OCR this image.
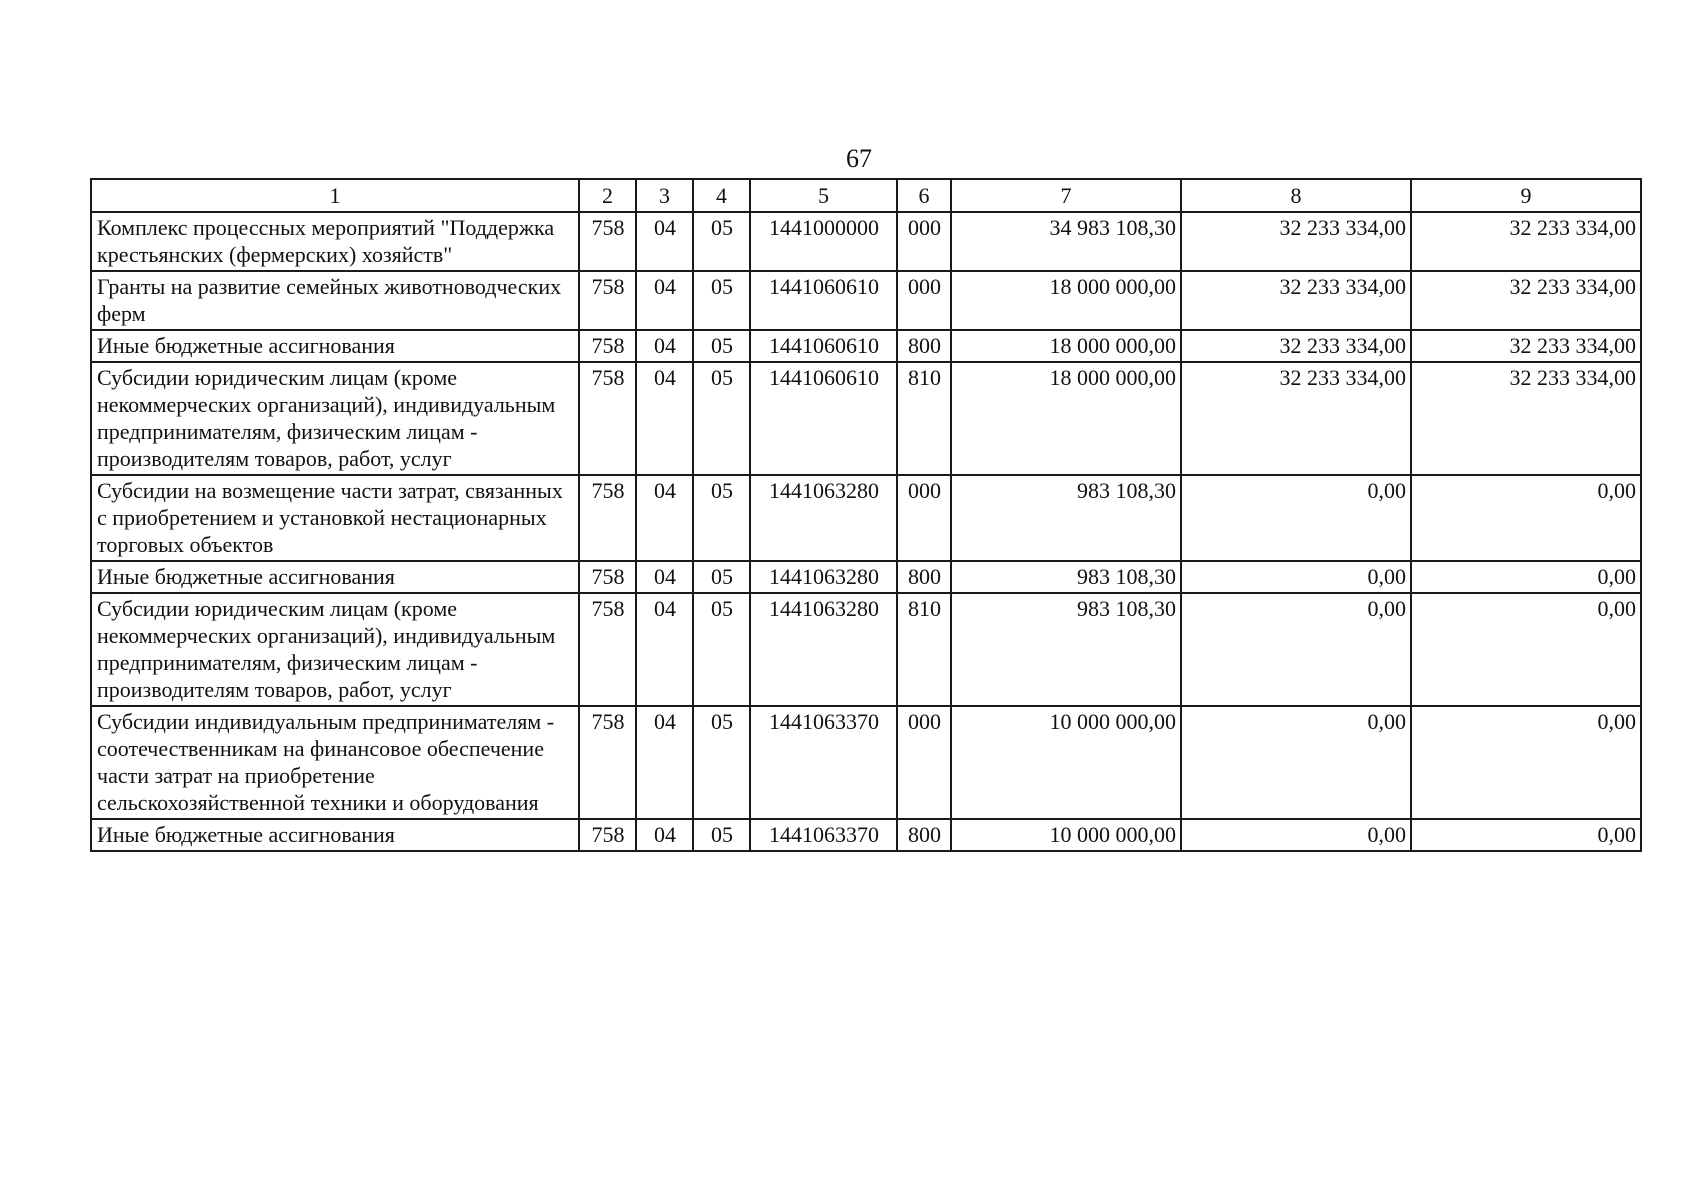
67
1	2	3	4	5	6	7	8	9
Комплекс процессных мероприятий "Поддержка крестьянских (фермерских) хозяйств"	758	04	05	1441000000	000	34 983 108,30	32 233 334,00	32 233 334,00
Гранты на развитие семейных животноводческих ферм	758	04	05	1441060610	000	18 000 000,00	32 233 334,00	32 233 334,00
Иные бюджетные ассигнования	758	04	05	1441060610	800	18 000 000,00	32 233 334,00	32 233 334,00
Субсидии юридическим лицам (кроме некоммерческих организаций), индивидуальным предпринимателям, физическим лицам - производителям товаров, работ, услуг	758	04	05	1441060610	810	18 000 000,00	32 233 334,00	32 233 334,00
Субсидии на возмещение части затрат, связанных с приобретением и установкой нестационарных торговых объектов	758	04	05	1441063280	000	983 108,30	0,00	0,00
Иные бюджетные ассигнования	758	04	05	1441063280	800	983 108,30	0,00	0,00
Субсидии юридическим лицам (кроме некоммерческих организаций), индивидуальным предпринимателям, физическим лицам - производителям товаров, работ, услуг	758	04	05	1441063280	810	983 108,30	0,00	0,00
Субсидии индивидуальным предпринимателям - соотечественникам на финансовое обеспечение части затрат на приобретение сельскохозяйственной техники и оборудования	758	04	05	1441063370	000	10 000 000,00	0,00	0,00
Иные бюджетные ассигнования	758	04	05	1441063370	800	10 000 000,00	0,00	0,00
